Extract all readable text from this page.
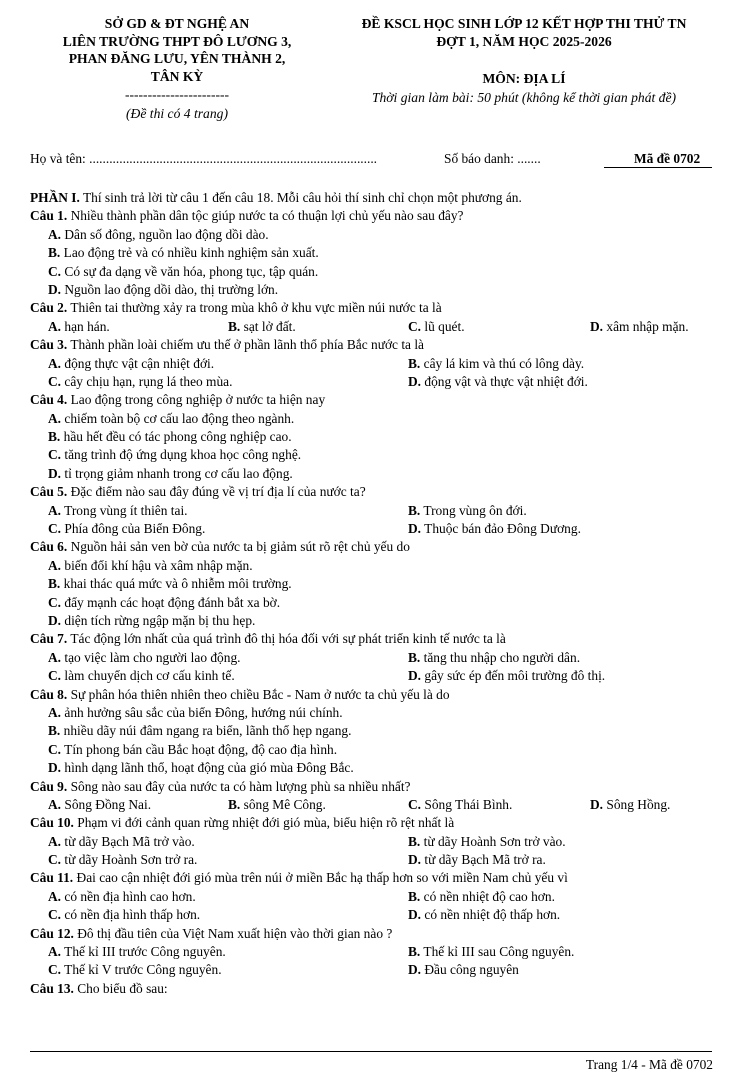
SỞ GD & ĐT NGHỆ AN
LIÊN TRƯỜNG THPT ĐÔ LƯƠNG 3,
PHAN ĐĂNG LƯU, YÊN THÀNH 2,
TÂN KỲ
-----------------------
(Đề thi có 4 trang)
ĐỀ KSCL HỌC SINH LỚP 12 KẾT HỢP THI THỬ TN
ĐỢT 1, NĂM HỌC 2025-2026
MÔN: ĐỊA LÍ
Thời gian làm bài: 50 phút (không kể thời gian phát đề)
Họ và tên: ......................................................................................	Số báo danh: .......	Mã đề 0702
PHẦN I. Thí sinh trả lời từ câu 1 đến câu 18. Mỗi câu hỏi thí sinh chỉ chọn một phương án.
Câu 1. Nhiều thành phần dân tộc giúp nước ta có thuận lợi chủ yếu nào sau đây?
A. Dân số đông, nguồn lao động dồi dào.
B. Lao động trẻ và có nhiều kinh nghiệm sản xuất.
C. Có sự đa dạng về văn hóa, phong tục, tập quán.
D. Nguồn lao động dồi dào, thị trường lớn.
Câu 2. Thiên tai thường xảy ra trong mùa khô ở khu vực miền núi nước ta là
A. hạn hán.	B. sạt lở đất.	C. lũ quét.	D. xâm nhập mặn.
Câu 3. Thành phần loài chiếm ưu thế ở phần lãnh thổ phía Bắc nước ta là
A. động thực vật cận nhiệt đới.	B. cây lá kim và thú có lông dày.
C. cây chịu hạn, rụng lá theo mùa.	D. động vật và thực vật nhiệt đới.
Câu 4. Lao động trong công nghiệp ở nước ta hiện nay
A. chiếm toàn bộ cơ cấu lao động theo ngành.
B. hầu hết đều có tác phong công nghiệp cao.
C. tăng trình độ ứng dụng khoa học công nghệ.
D. tỉ trọng giảm nhanh trong cơ cấu lao động.
Câu 5. Đặc điểm nào sau đây đúng về vị trí địa lí của nước ta?
A. Trong vùng ít thiên tai.	B. Trong vùng ôn đới.
C. Phía đông của Biển Đông.	D. Thuộc bán đảo Đông Dương.
Câu 6. Nguồn hải sản ven bờ của nước ta bị giảm sút rõ rệt chủ yếu do
A. biến đổi khí hậu và xâm nhập mặn.
B. khai thác quá mức và ô nhiễm môi trường.
C. đẩy mạnh các hoạt động đánh bắt xa bờ.
D. diện tích rừng ngập mặn bị thu hẹp.
Câu 7. Tác động lớn nhất của quá trình đô thị hóa đối với sự phát triển kinh tế nước ta là
A. tạo việc làm cho người lao động.	B. tăng thu nhập cho người dân.
C. làm chuyển dịch cơ cấu kinh tế.	D. gây sức ép đến môi trường đô thị.
Câu 8. Sự phân hóa thiên nhiên theo chiều Bắc - Nam ở nước ta chủ yếu là do
A. ảnh hưởng sâu sắc của biển Đông, hướng núi chính.
B. nhiều dãy núi đâm ngang ra biển, lãnh thổ hẹp ngang.
C. Tín phong bán cầu Bắc hoạt động, độ cao địa hình.
D. hình dạng lãnh thổ, hoạt động của gió mùa Đông Bắc.
Câu 9. Sông nào sau đây của nước ta có hàm lượng phù sa nhiều nhất?
A. Sông Đồng Nai.	B. sông Mê Công.	C. Sông Thái Bình.	D. Sông Hồng.
Câu 10. Phạm vi đới cảnh quan rừng nhiệt đới gió mùa, biểu hiện rõ rệt nhất là
A. từ dãy Bạch Mã trở vào.	B. từ dãy Hoành Sơn trở vào.
C. từ dãy Hoành Sơn trở ra.	D. từ dãy Bạch Mã trở ra.
Câu 11. Đai cao cận nhiệt đới gió mùa trên núi ở miền Bắc hạ thấp hơn so với miền Nam chủ yếu vì
A. có nền địa hình cao hơn.	B. có nền nhiệt độ cao hơn.
C. có nền địa hình thấp hơn.	D. có nền nhiệt độ thấp hơn.
Câu 12. Đô thị đầu tiên của Việt Nam xuất hiện vào thời gian nào ?
A. Thế kỉ III trước Công nguyên.	B. Thế kỉ III sau Công nguyên.
C. Thế kỉ V trước Công nguyên.	D. Đầu công nguyên
Câu 13. Cho biểu đồ sau:
Trang 1/4 - Mã đề 0702
